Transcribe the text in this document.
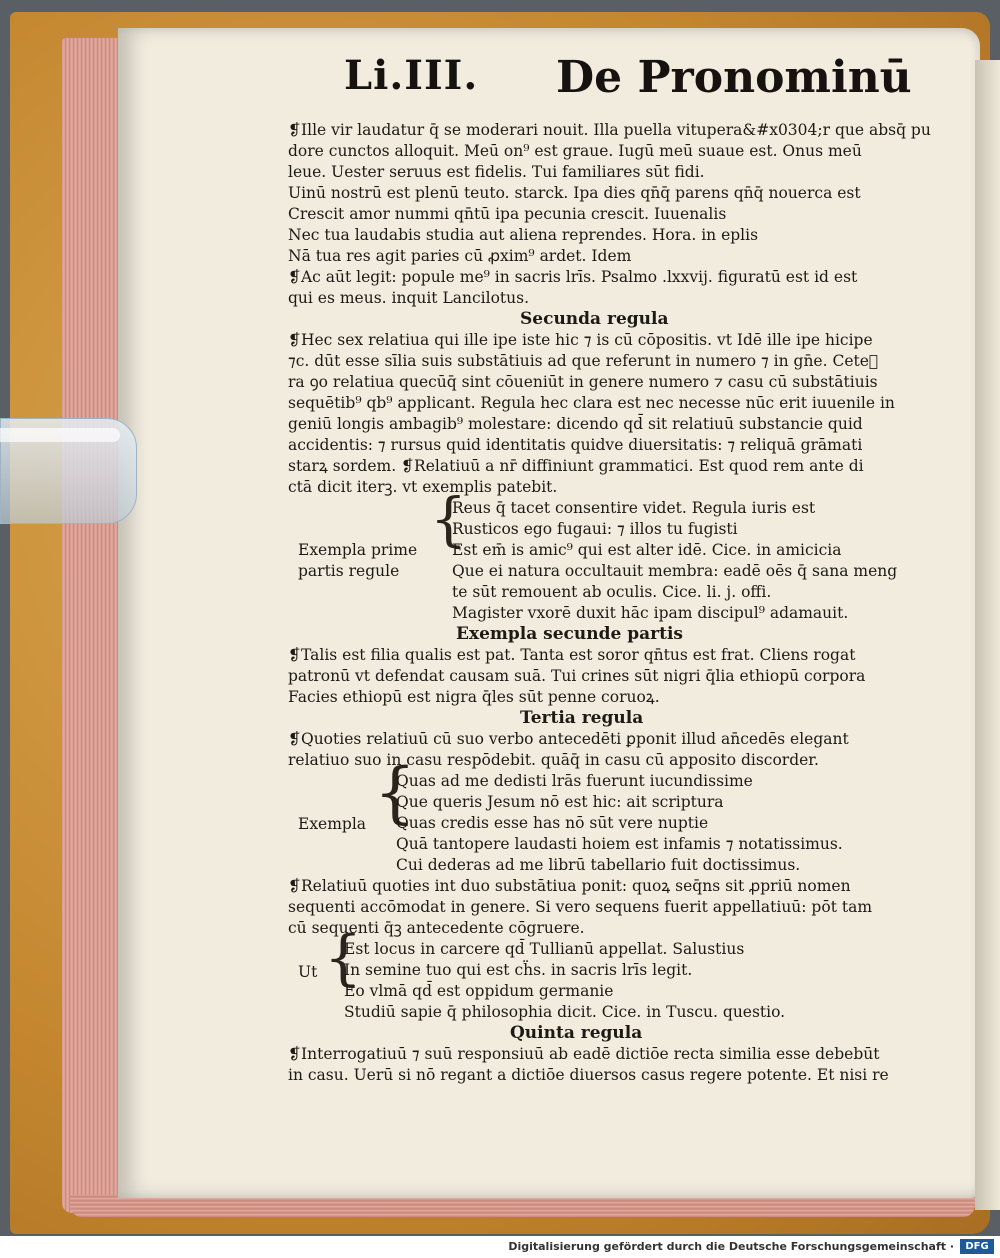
Li.III. De Pronominū
❡Ille vir laudatur q̄ se moderari nouit. Illa puella vitupera&#x0304;r que absq̄ pu
dore cunctos alloquit. Meū on⁹ est graue. Iugū meū suaue est. Onus meū
leue. Uester seruus est fidelis. Tui familiares sūt fidi.
Uinū nostrū est plenū teuto. starck. Ipa dies qn̄q̄ parens qn̄q̄ nouerca est
Crescit amor nummi qn̄tū ipa pecunia crescit. Iuuenalis
Nec tua laudabis studia aut aliena reprendes. Hora. in eplis
Nā tua res agit paries cū ꝓxim⁹ ardet. Idem
❡Ac aūt legit: popule me⁹ in sacris lrīs. Psalmo .lxxvij. figuratū est id est
qui es meus. inquit Lancilotus.
Secunda regula
❡Hec sex relatiua qui ille ipe iste hic ⁊ is cū cōpositis. vt Idē ille ipe hicipe
⁊c. dūt esse sīlia suis substātiuis ad que referunt in numero ⁊ in gn̄e. Ceteᷓ
ra ꝯo relatiua quecūq̄ sint cōueniūt in genere numero ⁊ casu cū substātiuis
sequētib⁹ qb⁹ applicant. Regula hec clara est nec necesse nūc erit iuuenile in
geniū longis ambagib⁹ molestare: dicendo qd̄ sit relatiuū substancie quid
accidentis: ⁊ rursus quid identitatis quidve diuersitatis: ⁊ reliquā grāmati
starꝝ sordem. ❡Relatiuū a nr̄ diffiniunt grammatici. Est quod rem ante di
ctā dicit iterꝫ. vt exemplis patebit.
{
Exempla prime
partis regule
Reus q̄ tacet consentire videt. Regula iuris est
Rusticos ego fugaui: ⁊ illos tu fugisti
Est em̄ is amic⁹ qui est alter idē. Cice. in amicicia
Que ei natura occultauit membra: eadē oēs q̄ sana meng
te sūt remouent ab oculis. Cice. li. j. offi.
Magister vxorē duxit hāc ipam discipul⁹ adamauit.
Exempla secunde partis
❡Talis est filia qualis est pat. Tanta est soror qn̄tus est frat. Cliens rogat
patronū vt defendat causam suā. Tui crines sūt nigri q̄lia ethiopū corpora
Facies ethiopū est nigra q̄les sūt penne coruoꝝ.
Tertia regula
❡Quoties relatiuū cū suo verbo antecedēti ꝑponit illud an̄cedēs elegant
relatiuo suo in casu respōdebit. quāq̄ in casu cū apposito discorder.
{
Exempla
Quas ad me dedisti lrās fuerunt iucundissime
Que queris Jesum nō est hic: ait scriptura
Quas credis esse has nō sūt vere nuptie
Quā tantopere laudasti hoiem est infamis ⁊ notatissimus.
Cui dederas ad me librū tabellario fuit doctissimus.
❡Relatiuū quoties int duo substātiua ponit: quoꝝ seq̄ns sit ꝓpriū nomen
sequenti accōmodat in genere. Si vero sequens fuerit appellatiuū: pōt tam
cū sequenti q̄ꝫ antecedente cōgruere.
{
Ut
Est locus in carcere qd̄ Tullianū appellat. Salustius
In semine tuo qui est cḧs. in sacris lrīs legit.
Eo vlmā qd̄ est oppidum germanie
Studiū sapie q̄ philosophia dicit. Cice. in Tuscu. questio.
Quinta regula
❡Interrogatiuū ⁊ suū responsiuū ab eadē dictiōe recta similia esse debebūt
in casu. Uerū si nō regant a dictiōe diuersos casus regere potente. Et nisi re
Digitalisierung gefördert durch die Deutsche Forschungsgemeinschaft ·	DFG
